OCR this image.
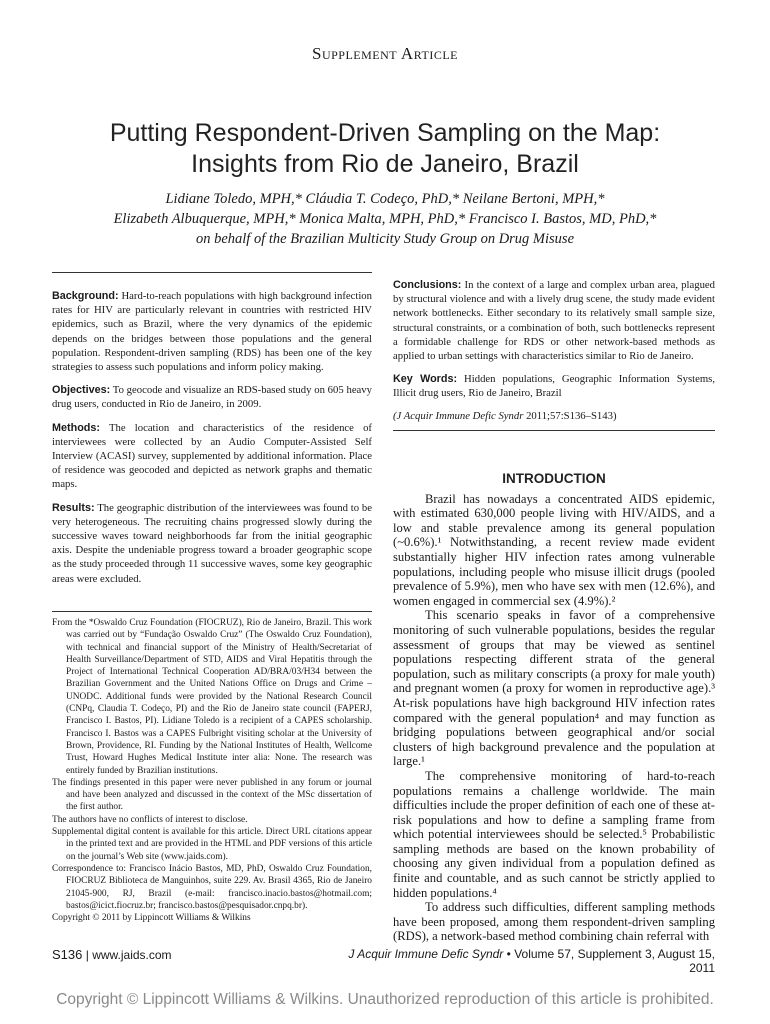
Supplement Article
Putting Respondent-Driven Sampling on the Map:
Insights from Rio de Janeiro, Brazil
Lidiane Toledo, MPH,* Cláudia T. Codeço, PhD,* Neilane Bertoni, MPH,*
Elizabeth Albuquerque, MPH,* Monica Malta, MPH, PhD,* Francisco I. Bastos, MD, PhD,*
on behalf of the Brazilian Multicity Study Group on Drug Misuse

Background: Hard-to-reach populations with high background infection rates for HIV are particularly relevant in countries with restricted HIV epidemics, such as Brazil, where the very dynamics of the epidemic depends on the bridges between those populations and the general population. Respondent-driven sampling (RDS) has been one of the key strategies to assess such populations and inform policy making.

Objectives: To geocode and visualize an RDS-based study on 605 heavy drug users, conducted in Rio de Janeiro, in 2009.

Methods: The location and characteristics of the residence of interviewees were collected by an Audio Computer-Assisted Self Interview (ACASI) survey, supplemented by additional information. Place of residence was geocoded and depicted as network graphs and thematic maps.

Results: The geographic distribution of the interviewees was found to be very heterogeneous. The recruiting chains progressed slowly during the successive waves toward neighborhoods far from the initial geographic axis. Despite the undeniable progress toward a broader geographic scope as the study proceeded through 11 successive waves, some key geographic areas were excluded.

From the *Oswaldo Cruz Foundation (FIOCRUZ), Rio de Janeiro, Brazil. This work was carried out by “Fundação Oswaldo Cruz” (The Oswaldo Cruz Foundation), with technical and financial support of the Ministry of Health/Secretariat of Health Surveillance/Department of STD, AIDS and Viral Hepatitis through the Project of International Technical Cooperation AD/BRA/03/H34 between the Brazilian Government and the United Nations Office on Drugs and Crime – UNODC. Additional funds were provided by the National Research Council (CNPq, Claudia T. Codeço, PI) and the Rio de Janeiro state council (FAPERJ, Francisco I. Bastos, PI). Lidiane Toledo is a recipient of a CAPES scholarship. Francisco I. Bastos was a CAPES Fulbright visiting scholar at the University of Brown, Providence, RI. Funding by the National Institutes of Health, Wellcome Trust, Howard Hughes Medical Institute inter alia: None. The research was entirely funded by Brazilian institutions.

The findings presented in this paper were never published in any forum or journal and have been analyzed and discussed in the context of the MSc dissertation of the first author.

The authors have no conflicts of interest to disclose.

Supplemental digital content is available for this article. Direct URL citations appear in the printed text and are provided in the HTML and PDF versions of this article on the journal’s Web site (www.jaids.com).

Correspondence to: Francisco Inácio Bastos, MD, PhD, Oswaldo Cruz Foundation, FIOCRUZ Biblioteca de Manguinhos, suite 229. Av. Brasil 4365, Rio de Janeiro 21045-900, RJ, Brazil (e-mail: francisco.inacio.bastos@hotmail.com; bastos@icict.fiocruz.br; francisco.bastos@pesquisador.cnpq.br).

Copyright © 2011 by Lippincott Williams & Wilkins

Conclusions: In the context of a large and complex urban area, plagued by structural violence and with a lively drug scene, the study made evident network bottlenecks. Either secondary to its relatively small sample size, structural constraints, or a combination of both, such bottlenecks represent a formidable challenge for RDS or other network-based methods as applied to urban settings with characteristics similar to Rio de Janeiro.

Key Words: Hidden populations, Geographic Information Systems, Illicit drug users, Rio de Janeiro, Brazil

(J Acquir Immune Defic Syndr 2011;57:S136–S143)

INTRODUCTION

Brazil has nowadays a concentrated AIDS epidemic, with estimated 630,000 people living with HIV/AIDS, and a low and stable prevalence among its general population (~0.6%).¹ Notwithstanding, a recent review made evident substantially higher HIV infection rates among vulnerable populations, including people who misuse illicit drugs (pooled prevalence of 5.9%), men who have sex with men (12.6%), and women engaged in commercial sex (4.9%).²

This scenario speaks in favor of a comprehensive monitoring of such vulnerable populations, besides the regular assessment of groups that may be viewed as sentinel populations respecting different strata of the general population, such as military conscripts (a proxy for male youth) and pregnant women (a proxy for women in reproductive age).³ At-risk populations have high background HIV infection rates compared with the general population⁴ and may function as bridging populations between geographical and/or social clusters of high background prevalence and the population at large.¹

The comprehensive monitoring of hard-to-reach populations remains a challenge worldwide. The main difficulties include the proper definition of each one of these at-risk populations and how to define a sampling frame from which potential interviewees should be selected.⁵ Probabilistic sampling methods are based on the known probability of choosing any given individual from a population defined as finite and countable, and as such cannot be strictly applied to hidden populations.⁴

To address such difficulties, different sampling methods have been proposed, among them respondent-driven sampling (RDS), a network-based method combining chain referral with

S136 | www.jaids.com	J Acquir Immune Defic Syndr • Volume 57, Supplement 3, August 15, 2011
Copyright © Lippincott Williams & Wilkins. Unauthorized reproduction of this article is prohibited.
